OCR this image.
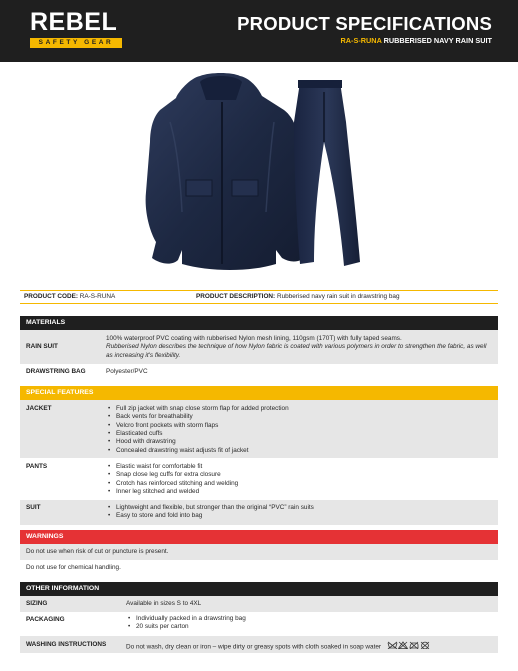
REBEL
SAFETY GEAR
PRODUCT SPECIFICATIONS
RA-S-RUNA RUBBERISED NAVY RAIN SUIT
PRODUCT CODE: RA-S-RUNA	PRODUCT DESCRIPTION: Rubberised navy rain suit in drawstring bag
MATERIALS
RAIN SUIT
100% waterproof PVC coating with rubberised Nylon mesh lining, 110gsm (170T) with fully taped seams.
Rubberised Nylon describes the technique of how Nylon fabric is coated with various polymers in order to strengthen the fabric, as well as increasing it's flexibility.
DRAWSTRING BAG	Polyester/PVC
SPECIAL FEATURES
JACKET	• Full zip jacket with snap close storm flap for added protection
• Back vents for breathability
• Velcro front pockets with storm flaps
• Elasticated cuffs
• Hood with drawstring
• Concealed drawstring waist adjusts fit of jacket
PANTS	• Elastic waist for comfortable fit
• Snap close leg cuffs for extra closure
• Crotch has reinforced stitching and welding
• Inner leg stitched and welded
SUIT	• Lightweight and flexible, but stronger than the original “PVC” rain suits
• Easy to store and fold into bag
WARNINGS
Do not use when risk of cut or puncture is present.
Do not use for chemical handling.
OTHER INFORMATION
SIZING	Available in sizes S to 4XL
PACKAGING	• Individually packed in a drawstring bag
• 20 suits per carton
WASHING INSTRUCTIONS	Do not wash, dry clean or iron – wipe dirty or greasy spots with cloth soaked in soap water
